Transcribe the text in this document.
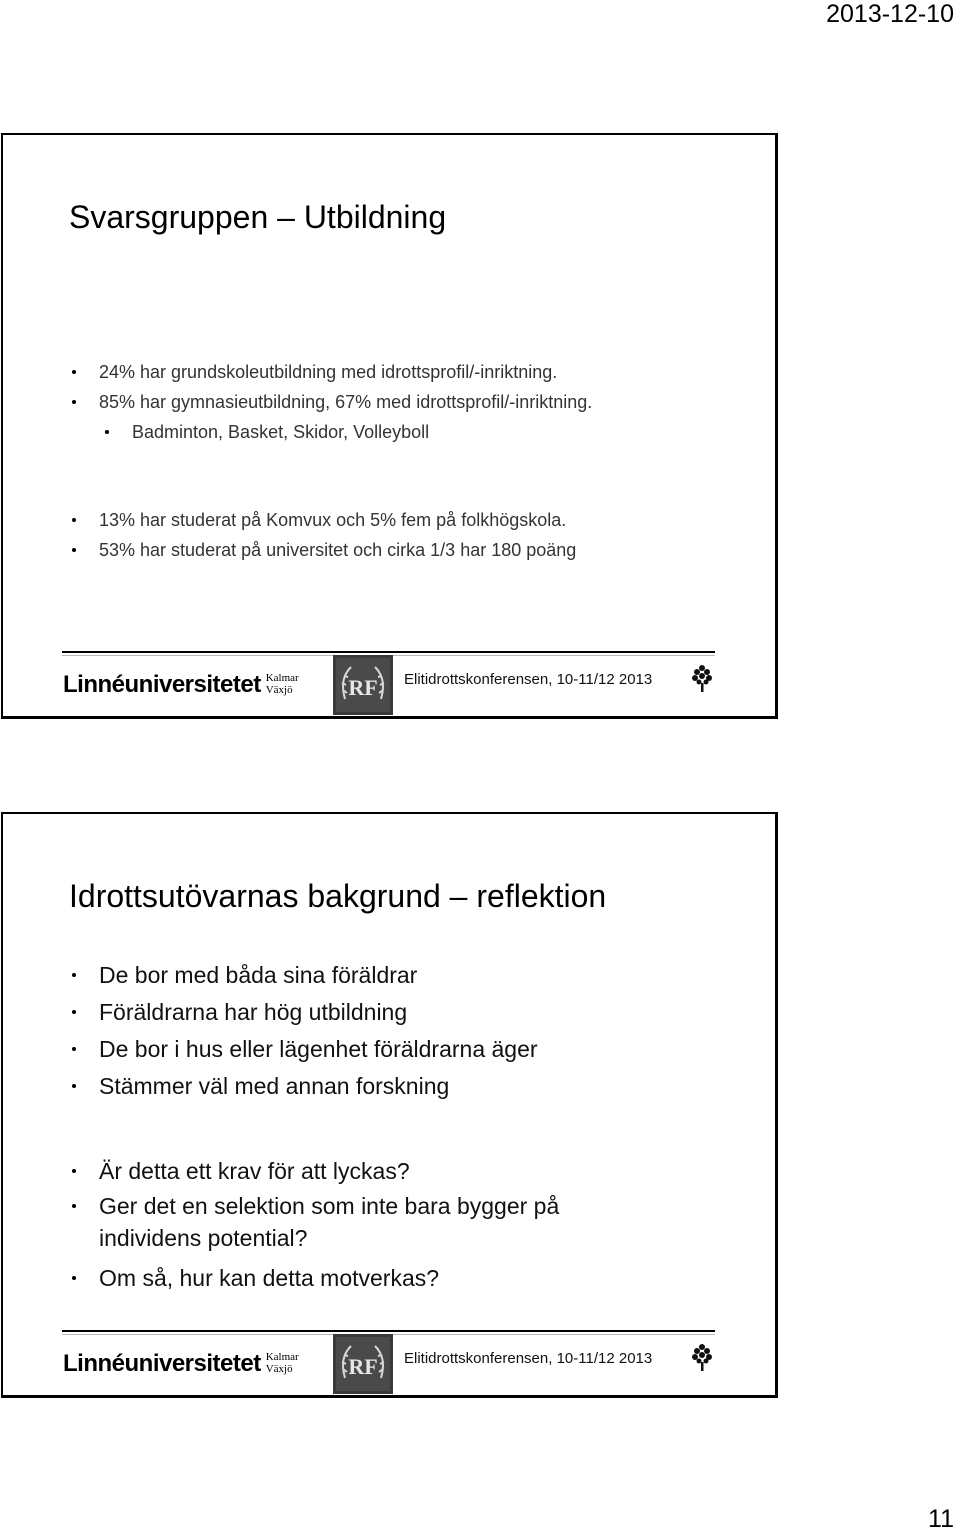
2013-12-10
Svarsgruppen – Utbildning
24% har grundskoleutbildning med idrottsprofil/-inriktning.
85% har gymnasieutbildning, 67% med idrottsprofil/-inriktning.
Badminton, Basket, Skidor, Volleyboll
13% har studerat på Komvux och 5% fem på folkhögskola.
53% har studerat på universitet och cirka 1/3 har 180 poäng
Linnéuniversitetet Kalmar
Växjö	RF Elitidrottskonferensen, 10-11/12 2013
Idrottsutövarnas bakgrund – reflektion
De bor med båda sina föräldrar
Föräldrarna har hög utbildning
De bor i hus eller lägenhet föräldrarna äger
Stämmer väl med annan forskning
Är detta ett krav för att lyckas?
Ger det en selektion som inte bara bygger på individens potential?
Om så, hur kan detta motverkas?
Linnéuniversitetet Kalmar
Växjö	RF Elitidrottskonferensen, 10-11/12 2013
11
